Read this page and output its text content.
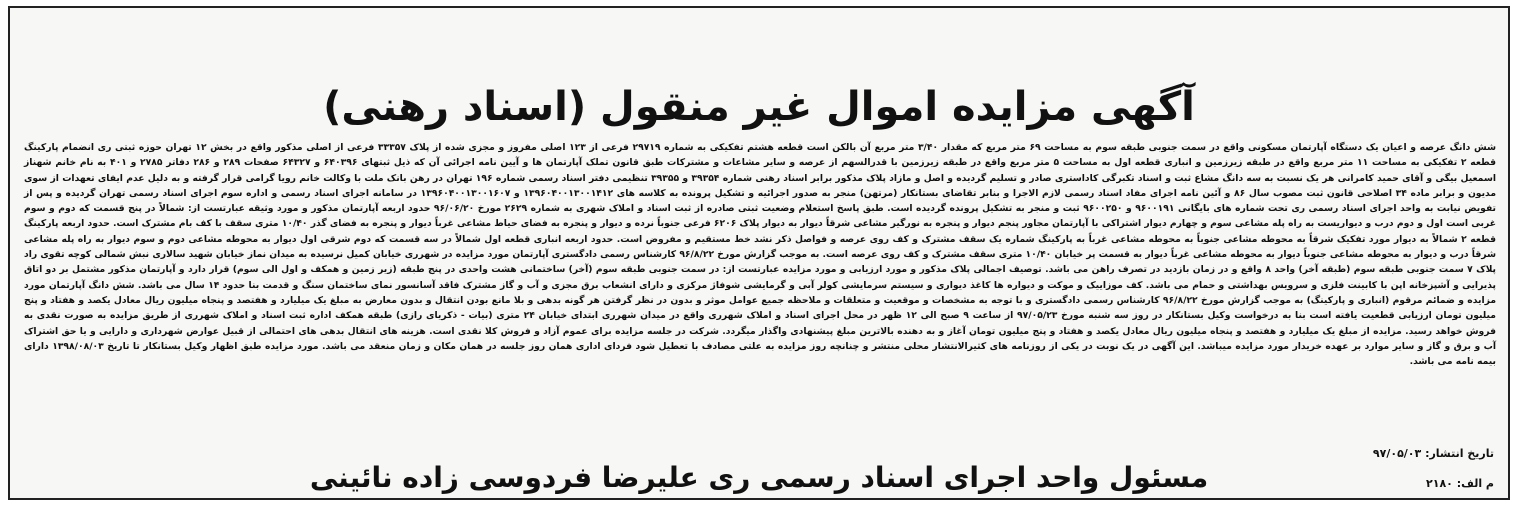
آگهی مزایده اموال غیر منقول (اسناد رهنی)

شش دانگ عرصه و اعیان یک دستگاه آپارتمان مسکونی واقع در سمت جنوبی طبقه سوم به مساحت ۶۹ متر مربع که مقدار ۳/۴۰ متر مربع آن بالکن است قطعه هشتم تفکیکی به شماره ۲۹۷۱۹ فرعی از ۱۲۳ اصلی مفروز و مجزی شده از پلاک ۳۳۳۵۷ فرعی از اصلی مذکور واقع در بخش ۱۲ تهران حوزه ثبتی ری انضمام پارکینگ قطعه ۲ تفکیکی به مساحت ۱۱ متر مربع واقع در طبقه زیرزمین و انباری قطعه اول به مساحت ۵ متر مربع واقع در طبقه زیرزمین با قدرالسهم از عرصه و سایر مشاعات و مشترکات طبق قانون تملک آپارتمان ها و آیین نامه اجرائی آن که ذیل ثبتهای ۶۴۰۳۹۶ و ۶۴۳۲۷ صفحات ۲۸۹ و ۲۸۶ دفاتر ۲۷۸۵ و ۴۰۱ به نام خانم شهناز اسمعیل بیگی و آقای حمید کامرانی هر یک نسبت به سه دانگ مشاع ثبت و اسناد تکبرگی کاداستری صادر و تسلیم گردیده و اصل و مازاد پلاک مذکور برابر اسناد رهنی شماره ۳۹۳۵۴ و ۳۹۳۵۵ تنظیمی دفتر اسناد رسمی شماره ۱۹۶ تهران در رهن بانک ملت با وکالت خانم رویا گرامی قرار گرفته و به دلیل عدم ایفای تعهدات از سوی مدیون و برابر ماده ۳۴ اصلاحی قانون ثبت مصوب سال ۸۶ و آئین نامه اجرای مفاد اسناد رسمی لازم الاجرا و بنابر تقاضای بستانکار (مرتهن) منجر به صدور اجرائیه و تشکیل پرونده به کلاسه های ۱۳۹۶۰۴۰۰۱۳۰۰۱۴۱۲ و ۱۳۹۶۰۴۰۰۱۳۰۰۱۶۰۷ در سامانه اجرای اسناد رسمی و اداره سوم اجرای اسناد رسمی تهران گردیده و پس از تفویض نیابت به واحد اجرای اسناد رسمی ری تحت شماره های بایگانی ۹۶۰۰۱۹۱ و ۹۶۰۰۲۵۰ ثبت و منجر به تشکیل پرونده گردیده است. طبق پاسخ استعلام وضعیت ثبتی صادره از ثبت اسناد و املاک شهری به شماره ۲۶۲۹ مورخ ۹۶/۰۶/۲۰ حدود اربعه آپارتمان مذکور و مورد وثیقه عبارتست از: شمالاً در پنج قسمت که دوم و سوم غربی است اول و دوم درب و دیواریست به راه پله مشاعی سوم و چهارم دیوار اشتراکی با آپارتمان مجاور پنجم دیوار و پنجره به نورگیر مشاعی شرقاً دیوار به دیوار پلاک ۶۲۰۶ فرعی جنوباً نرده و دیوار و پنجره به فضای حیاط مشاعی غرباً دیوار و پنجره به فضای گذر ۱۰/۴۰ متری سقف با کف بام مشترک است. حدود اربعه پارکینگ قطعه ۲ شمالاً به دیوار مورد تفکیک شرقاً به محوطه مشاعی جنوباً به محوطه مشاعی غرباً به پارکینگ شماره یک سقف مشترک و کف روی عرصه و فواصل ذکر نشد خط مستقیم و مفروض است. حدود اربعه انباری قطعه اول شمالاً در سه قسمت که دوم شرقی اول دیوار به محوطه مشاعی دوم و سوم دیوار به راه پله مشاعی شرقاً درب و دیوار به محوطه مشاعی جنوباً دیوار به محوطه مشاعی غرباً دیوار به قسمت پر خیابان ۱۰/۴۰ متری سقف مشترک و کف روی عرصه است. به موجب گزارش مورخ ۹۶/۸/۲۲ کارشناس رسمی دادگستری آپارتمان مورد مزایده در شهرری خیابان کمیل نرسیده به میدان نماز خیابان شهید سالاری نبش شمالی کوچه تقوی راد پلاک ۷ سمت جنوبی طبقه سوم (طبقه آخر) واحد ۸ واقع و در زمان بازدید در تصرف راهن می باشد. توصیف اجمالی پلاک مذکور و مورد ارزیابی و مورد مزایده عبارتست از: در سمت جنوبی طبقه سوم (آخر) ساختمانی هشت واحدی در پنج طبقه (زیر زمین و همکف و اول الی سوم) قرار دارد و آپارتمان مذکور مشتمل بر دو اتاق پذیرایی و آشپزخانه اپن با کابینت فلزی و سرویس بهداشتی و حمام می باشد. کف موزاییک و موکت و دیواره ها کاغذ دیواری و سیستم سرمایشی کولر آبی و گرمایشی شوفاژ مرکزی و دارای انشعاب برق مجزی و آب و گاز مشترک فاقد آسانسور نمای ساختمان سنگ و قدمت بنا حدود ۱۴ سال می باشد. شش دانگ آپارتمان مورد مزایده و ضمائم مرقوم (انباری و پارکینگ) به موجب گزارش مورخ ۹۶/۸/۲۲ کارشناس رسمی دادگستری و با توجه به مشخصات و موقعیت و متعلقات و ملاحظه جمیع عوامل موثر و بدون در نظر گرفتن هر گونه بدهی و بلا مانع بودن انتقال و بدون معارض به مبلغ یک میلیارد و هفتصد و پنجاه میلیون ریال معادل یکصد و هفتاد و پنج میلیون تومان ارزیابی قطعیت یافته است بنا به درخواست وکیل بستانکار در روز سه شنبه مورخ ۹۷/۰۵/۲۳ از ساعت ۹ صبح الی ۱۲ ظهر در محل اجرای اسناد و املاک شهرری واقع در میدان شهرری ابتدای خیابان ۲۴ متری (بیات - ذکریای رازی) طبقه همکف اداره ثبت اسناد و املاک شهرری از طریق مزایده به صورت نقدی به فروش خواهد رسید. مزایده از مبلغ یک میلیارد و هفتصد و پنجاه میلیون ریال معادل یکصد و هفتاد و پنج میلیون تومان آغاز و به دهنده بالاترین مبلغ پیشنهادی واگذار میگردد. شرکت در جلسه مزایده برای عموم آزاد و فروش کلا نقدی است. هزینه های انتقال بدهی های احتمالی از قبیل عوارض شهرداری و دارایی و یا حق اشتراک آب و برق و گاز و سایر موارد بر عهده خریدار مورد مزایده میباشد. این آگهی در یک نوبت در یکی از روزنامه های کثیرالانتشار محلی منتشر و چنانچه روز مزایده به علتی مصادف با تعطیل شود فردای اداری همان روز جلسه در همان مکان و زمان منعقد می باشد. مورد مزایده طبق اظهار وکیل بستانکار تا تاریخ ۱۳۹۸/۰۸/۰۳ دارای بیمه نامه می باشد.

تاریخ انتشار: ۹۷/۰۵/۰۳
م الف: ۲۱۸۰
مسئول واحد اجرای اسناد رسمی ری علیرضا فردوسی زاده نائینی
